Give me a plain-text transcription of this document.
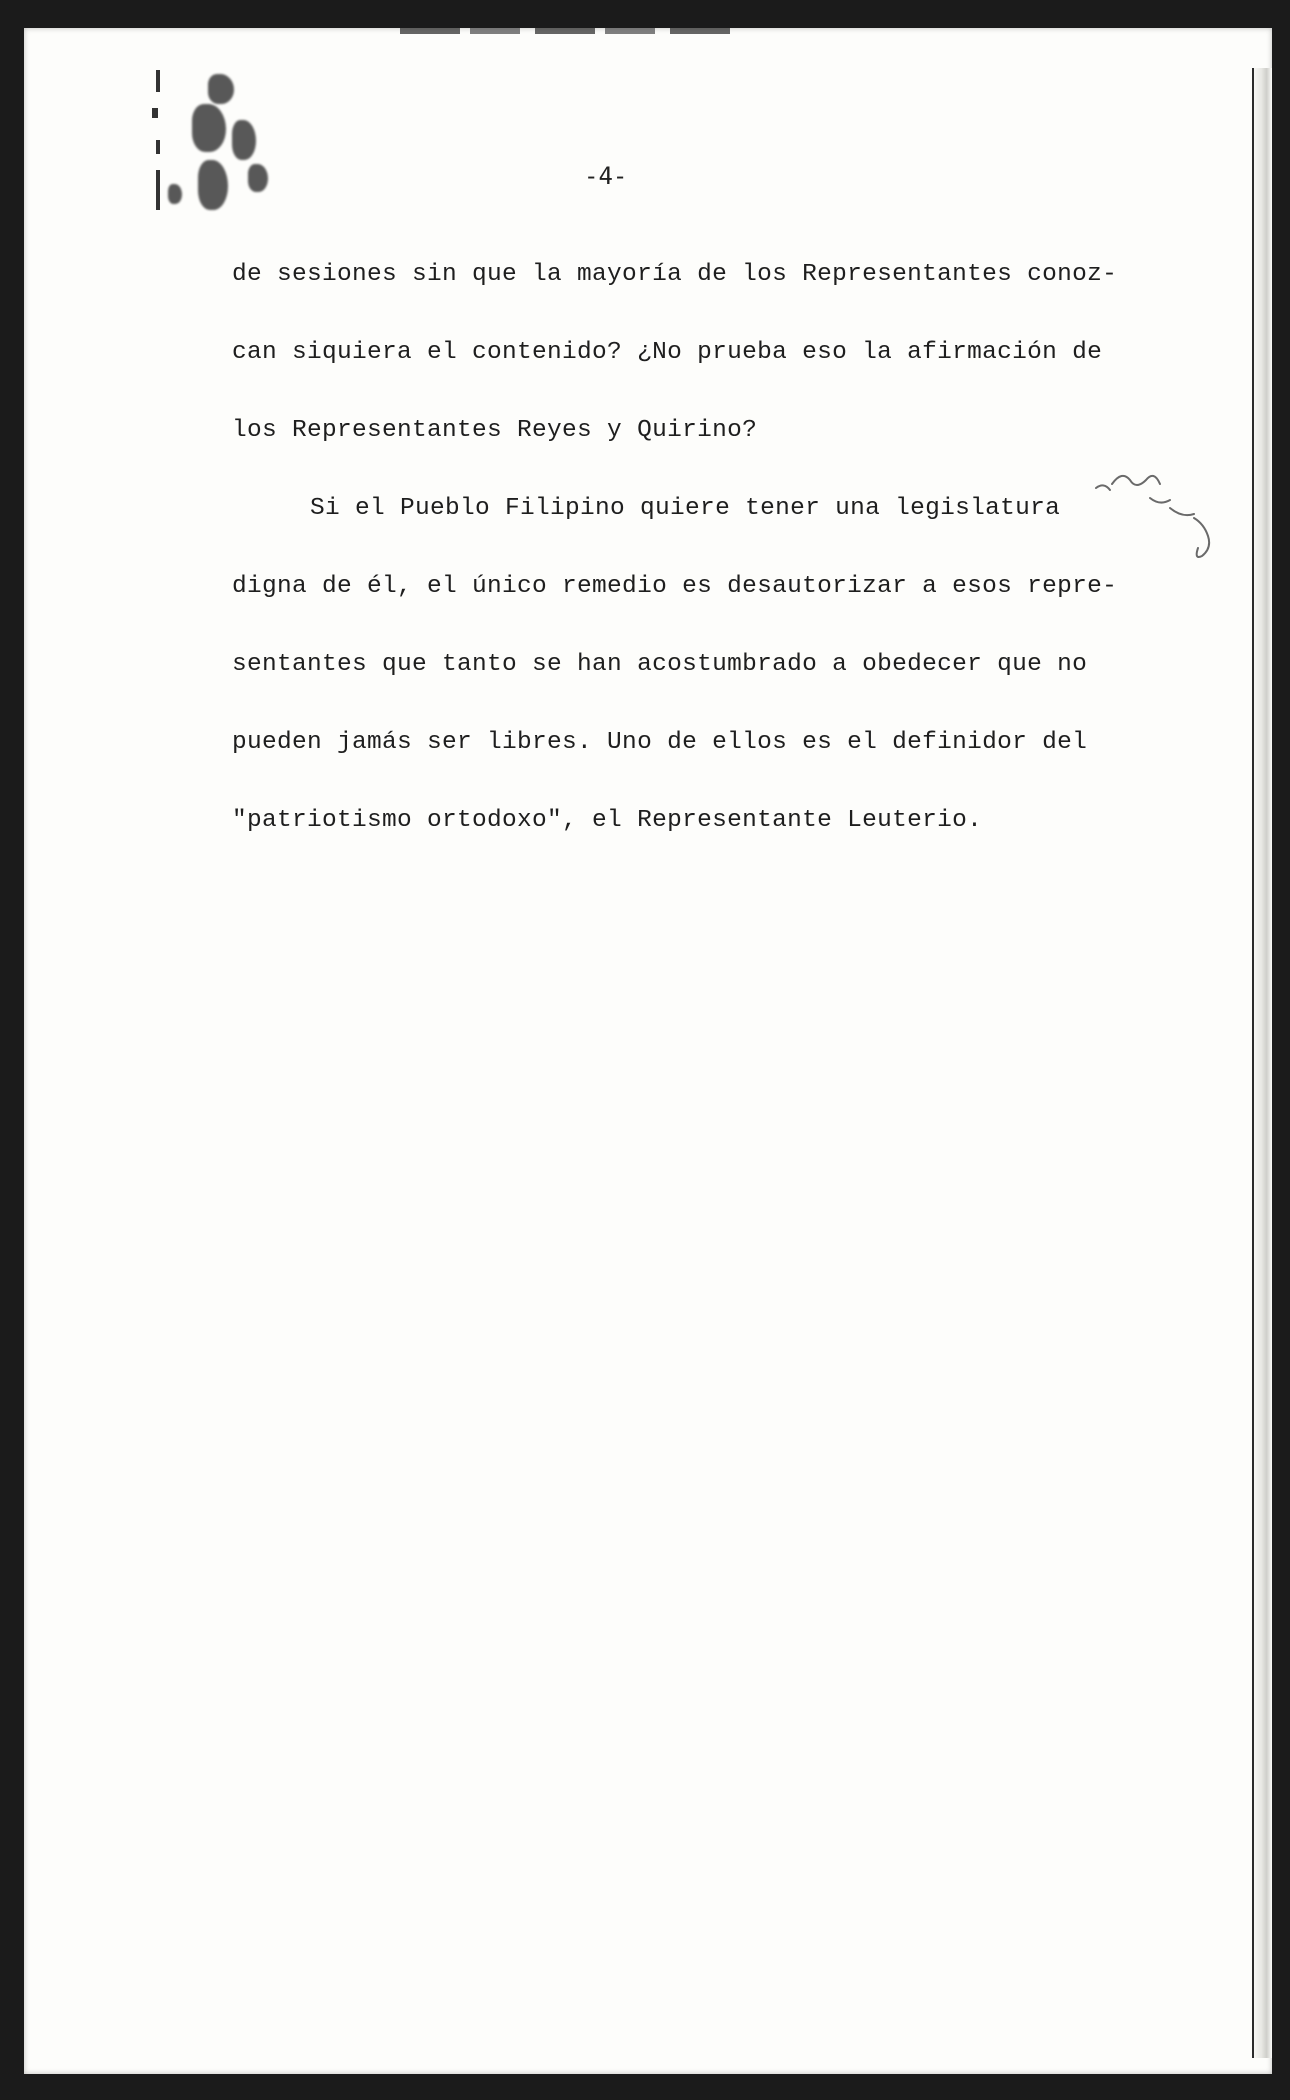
-4-
de sesiones sin que la mayoría de los Representantes conoz-
can siquiera el contenido? ¿No prueba eso la afirmación de
los Representantes Reyes y Quirino?
Si el Pueblo Filipino quiere tener una legislatura
digna de él, el único remedio es desautorizar a esos repre-
sentantes que tanto se han acostumbrado a obedecer que no
pueden jamás ser libres. Uno de ellos es el definidor del
"patriotismo ortodoxo", el Representante Leuterio.
